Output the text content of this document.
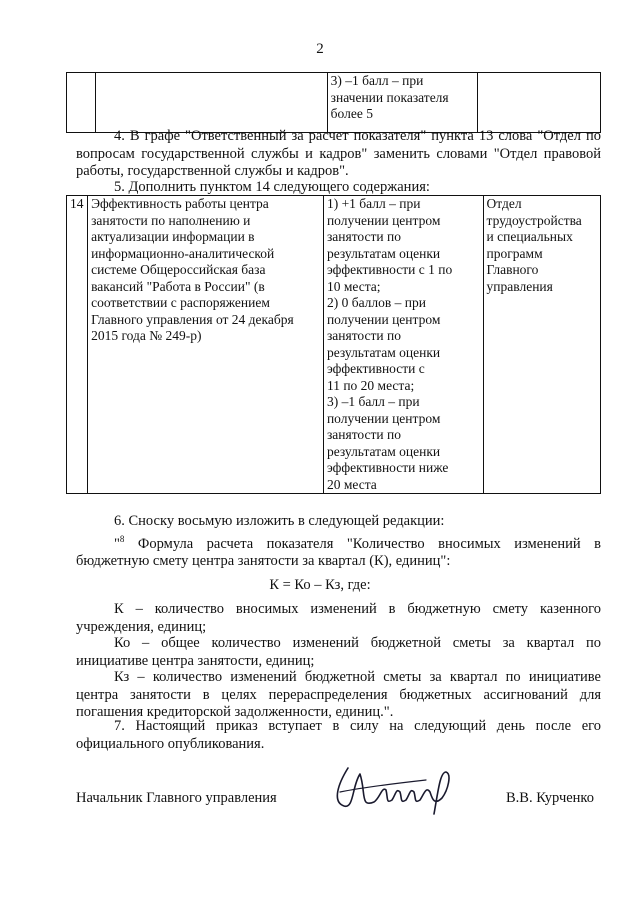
2
		3) –1 балл – при
значении показателя
более 5	
4. В графе "Ответственный за расчет показателя" пункта 13 слова "Отдел по вопросам государственной службы и кадров" заменить словами "Отдел правовой работы, государственной службы и кадров".
5. Дополнить пунктом 14 следующего содержания:
14	Эффективность работы центра занятости по наполнению и актуализации информации в информационно-аналитической системе Общероссийская база вакансий "Работа в России" (в соответствии с распоряжением Главного управления от 24 декабря 2015 года № 249-р)	1) +1 балл – при
получении центром
занятости по
результатам оценки
эффективности с 1 по
10 места;
2) 0 баллов – при
получении центром
занятости по
результатам оценки
эффективности с
11 по 20 места;
3) –1 балл – при
получении центром
занятости по
результатам оценки
эффективности ниже
20 места	Отдел
трудоустройства
и специальных
программ
Главного
управления
6. Сноску восьмую изложить в следующей редакции:
"$^8$ Формула расчета показателя "Количество вносимых изменений в бюджетную смету центра занятости за квартал (К), единиц":
К = Ко – Кз, где:
К – количество вносимых изменений в бюджетную смету казенного учреждения, единиц;
Ко – общее количество изменений бюджетной сметы за квартал по инициативе центра занятости, единиц;
Кз – количество изменений бюджетной сметы за квартал по инициативе центра занятости в целях перераспределения бюджетных ассигнований для погашения кредиторской задолженности, единиц.".
7. Настоящий приказ вступает в силу на следующий день после его официального опубликования.
Начальник Главного управления	В.В. Курченко
